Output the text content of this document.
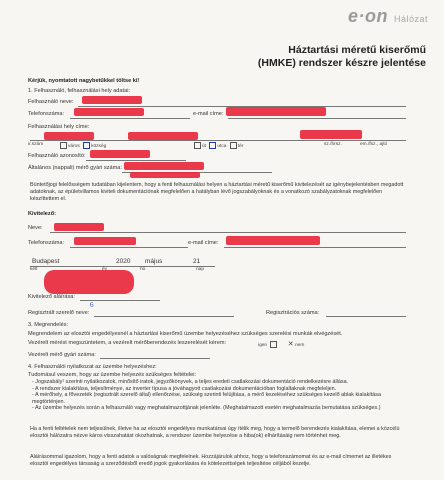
e·on Hálózat
Háztartási méretű kiserőmű
(HMKE) rendszer készre jelentése
Kérjük, nyomtatott nagybetűkkel töltse ki!
1. Felhasználó, felhasználási hely adatai:
Felhasználó neve:
Telefonszáma:	e-mail címe:
Felhasználási hely címe:
ir.szám	város község	út utca tér	sz./hrsz.	em./fsz., ajtó
Felhasználó azonosító:
Általános (nappali) mérő gyári száma:
Büntetőjogi felelősségem tudatában kijelentem, hogy a fenti felhasználási helyen a háztartási méretű kiserőmű kivitelezését az igénybejelentésben megadott adatoknak, az épületvillamos kiviteli dokumentációnak megfelelően a hatályban lévő jogszabályoknak és a vonatkozó szabályzatoknak megfelelően készíttettem el.
Kivitelező:
Neve:
Telefonszáma:	e-mail címe:
Budapest	2020 május	21
kelt	hó	nap
Kivitelező aláírása:
6
Regisztrált szerelő neve:	Regisztrációs száma:
3. Megrendelés:
Megrendelem az elosztói engedélyesnél a háztartási kiserőmű üzembe helyezéséhez szükséges szerelési munkák elvégzését.
Vezérelt mérést megszüntetem, a vezérelt mérőberendezés leszerelését kérem:	igen	✕ nem
Vezérelt mérő gyári száma:
4. Felhasználói nyilatkozat az üzembe helyezéshez:
Tudomásul veszem, hogy az üzembe helyezés szükséges feltételei:
- Jogszabály¹ szerinti nyilatkozatok, minősítő iratok, jegyzőkönyvek, a teljes eredeti csatlakozási dokumentáció rendelkezésre állása.
- A rendszer kialakítása, teljesítménye, az inverter típusa a jóváhagyott csatlakozási dokumentációban foglaltaknak megfeleljen.
- A mérőhely, a fővezeték (regisztrált szerelő által) ellenőrzése, szükség szerinti felújítása, a mérő kezeléséhez szükséges kezelő ablak kialakítása megtörténjen.
- Az üzembe helyezés során a felhasználó vagy meghatalmazottjának jelenléte. (Meghatalmazott esetén meghatalmazás bemutatása szükséges.)
Ha a fenti feltételek nem teljesülnek, illetve ha az elosztói engedélyes munkatársai úgy ítélik meg, hogy a termelő berendezés kialakítása, elemei a közcélú elosztói hálózatra nézve káros visszahatást okozhatnak, a rendszer üzembe helyezése a hiba(ok) elhárításáig nem történhet meg.
Aláírásommal igazolom, hogy a fenti adatok a valóságnak megfelelnek. Hozzájárulok ahhoz, hogy a telefonszámomat és az e-mail címemet az illetékes elosztói engedélyes társaság a szerződésből eredő jogok gyakorlására és kötelezettségek teljesítése céljából kezelje.
